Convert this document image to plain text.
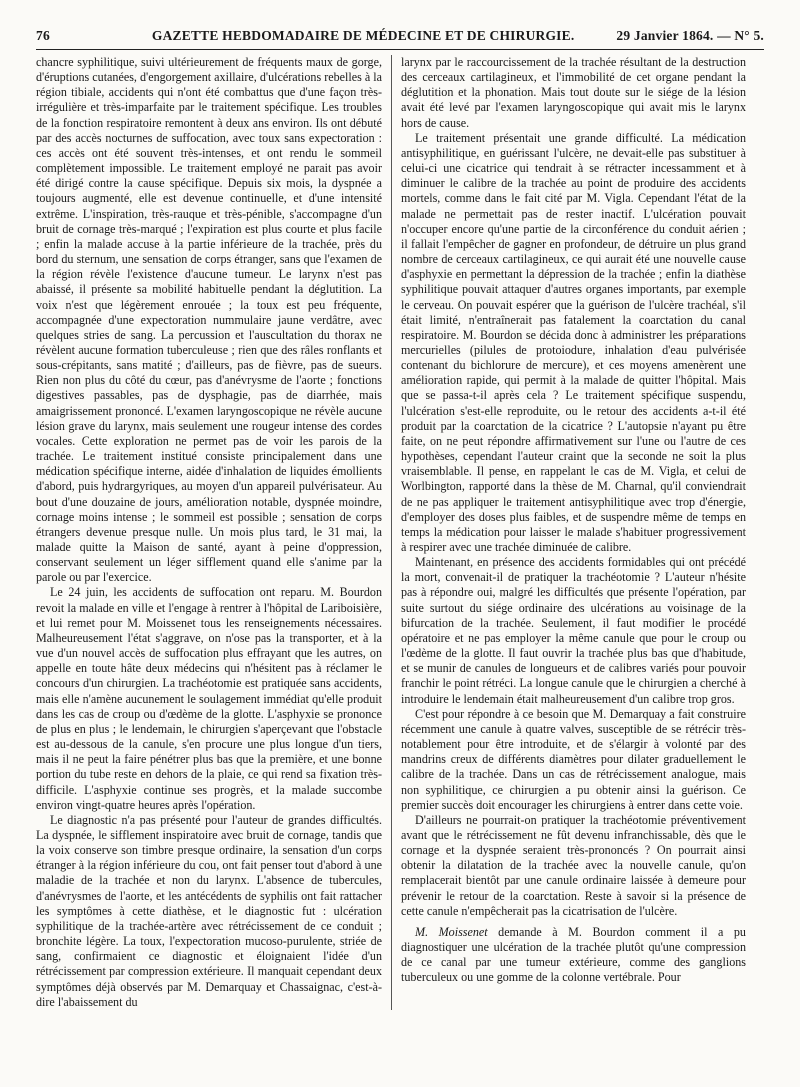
76	GAZETTE HEBDOMADAIRE DE MÉDECINE ET DE CHIRURGIE.	29 Janvier 1864. — N° 5.

chancre syphilitique, suivi ultérieurement de fréquents maux de gorge, d'éruptions cutanées, d'engorgement axillaire, d'ulcérations rebelles à la région tibiale, accidents qui n'ont été combattus que d'une façon très-irrégulière et très-imparfaite par le traitement spécifique. Les troubles de la fonction respiratoire remontent à deux ans environ. Ils ont débuté par des accès nocturnes de suffocation, avec toux sans expectoration : ces accès ont été souvent très-intenses, et ont rendu le sommeil complètement impossible. Le traitement employé ne parait pas avoir été dirigé contre la cause spécifique. Depuis six mois, la dyspnée a toujours augmenté, elle est devenue continuelle, et d'une intensité extrême. L'inspiration, très-rauque et très-pénible, s'accompagne d'un bruit de cornage très-marqué ; l'expiration est plus courte et plus facile ; enfin la malade accuse à la partie inférieure de la trachée, près du bord du sternum, une sensation de corps étranger, sans que l'examen de la région révèle l'existence d'aucune tumeur. Le larynx n'est pas abaissé, il présente sa mobilité habituelle pendant la déglutition. La voix n'est que légèrement enrouée ; la toux est peu fréquente, accompagnée d'une expectoration nummulaire jaune verdâtre, avec quelques stries de sang. La percussion et l'auscultation du thorax ne révèlent aucune formation tuberculeuse ; rien que des râles ronflants et sous-crépitants, sans matité ; d'ailleurs, pas de fièvre, pas de sueurs. Rien non plus du côté du cœur, pas d'anévrysme de l'aorte ; fonctions digestives passables, pas de dysphagie, pas de diarrhée, mais amaigrissement prononcé. L'examen laryngoscopique ne révèle aucune lésion grave du larynx, mais seulement une rougeur intense des cordes vocales. Cette exploration ne permet pas de voir les parois de la trachée. Le traitement institué consiste principalement dans une médication spécifique interne, aidée d'inhalation de liquides émollients d'abord, puis hydrargyriques, au moyen d'un appareil pulvérisateur. Au bout d'une douzaine de jours, amélioration notable, dyspnée moindre, cornage moins intense ; le sommeil est possible ; sensation de corps étrangers devenue presque nulle. Un mois plus tard, le 31 mai, la malade quitte la Maison de santé, ayant à peine d'oppression, conservant seulement un léger sifflement quand elle s'anime par la parole ou par l'exercice.

Le 24 juin, les accidents de suffocation ont reparu. M. Bourdon revoit la malade en ville et l'engage à rentrer à l'hôpital de Lariboisière, et lui remet pour M. Moissenet tous les renseignements nécessaires. Malheureusement l'état s'aggrave, on n'ose pas la transporter, et à la vue d'un nouvel accès de suffocation plus effrayant que les autres, on appelle en toute hâte deux médecins qui n'hésitent pas à réclamer le concours d'un chirurgien. La trachéotomie est pratiquée sans accidents, mais elle n'amène aucunement le soulagement immédiat qu'elle produit dans les cas de croup ou d'œdème de la glotte. L'asphyxie se prononce de plus en plus ; le lendemain, le chirurgien s'aperçevant que l'obstacle est au-dessous de la canule, s'en procure une plus longue d'un tiers, mais il ne peut la faire pénétrer plus bas que la première, et une bonne portion du tube reste en dehors de la plaie, ce qui rend sa fixation très-difficile. L'asphyxie continue ses progrès, et la malade succombe environ vingt-quatre heures après l'opération.

Le diagnostic n'a pas présenté pour l'auteur de grandes difficultés. La dyspnée, le sifflement inspiratoire avec bruit de cornage, tandis que la voix conserve son timbre presque ordinaire, la sensation d'un corps étranger à la région inférieure du cou, ont fait penser tout d'abord à une maladie de la trachée et non du larynx. L'absence de tubercules, d'anévrysmes de l'aorte, et les antécédents de syphilis ont fait rattacher les symptômes à cette diathèse, et le diagnostic fut : ulcération syphilitique de la trachée-artère avec rétrécissement de ce conduit ; bronchite légère. La toux, l'expectoration mucoso-purulente, striée de sang, confirmaient ce diagnostic et éloignaient l'idée d'un rétrécissement par compression extérieure. Il manquait cependant deux symptômes déjà observés par M. Demarquay et Chassaignac, c'est-à-dire l'abaissement du

larynx par le raccourcissement de la trachée résultant de la destruction des cerceaux cartilagineux, et l'immobilité de cet organe pendant la déglutition et la phonation. Mais tout doute sur le siége de la lésion avait été levé par l'examen laryngoscopique qui avait mis le larynx hors de cause.

Le traitement présentait une grande difficulté. La médication antisyphilitique, en guérissant l'ulcère, ne devait-elle pas substituer à celui-ci une cicatrice qui tendrait à se rétracter incessamment et à diminuer le calibre de la trachée au point de produire des accidents mortels, comme dans le fait cité par M. Vigla. Cependant l'état de la malade ne permettait pas de rester inactif. L'ulcération pouvait n'occuper encore qu'une partie de la circonférence du conduit aérien ; il fallait l'empêcher de gagner en profondeur, de détruire un plus grand nombre de cerceaux cartilagineux, ce qui aurait été une nouvelle cause d'asphyxie en permettant la dépression de la trachée ; enfin la diathèse syphilitique pouvait attaquer d'autres organes importants, par exemple le cerveau. On pouvait espérer que la guérison de l'ulcère trachéal, s'il était limité, n'entraînerait pas fatalement la coarctation du canal respiratoire. M. Bourdon se décida donc à administrer les préparations mercurielles (pilules de protoiodure, inhalation d'eau pulvérisée contenant du bichlorure de mercure), et ces moyens amenèrent une amélioration rapide, qui permit à la malade de quitter l'hôpital. Mais que se passa-t-il après cela ? Le traitement spécifique suspendu, l'ulcération s'est-elle reproduite, ou le retour des accidents a-t-il été produit par la coarctation de la cicatrice ? L'autopsie n'ayant pu être faite, on ne peut répondre affirmativement sur l'une ou l'autre de ces hypothèses, cependant l'auteur craint que la seconde ne soit la plus vraisemblable. Il pense, en rappelant le cas de M. Vigla, et celui de Worlbington, rapporté dans la thèse de M. Charnal, qu'il conviendrait de ne pas appliquer le traitement antisyphilitique avec trop d'énergie, d'employer des doses plus faibles, et de suspendre même de temps en temps la médication pour laisser le malade s'habituer progressivement à respirer avec une trachée diminuée de calibre.

Maintenant, en présence des accidents formidables qui ont précédé la mort, convenait-il de pratiquer la trachéotomie ? L'auteur n'hésite pas à répondre oui, malgré les difficultés que présente l'opération, par suite surtout du siége ordinaire des ulcérations au voisinage de la bifurcation de la trachée. Seulement, il faut modifier le procédé opératoire et ne pas employer la même canule que pour le croup ou l'œdème de la glotte. Il faut ouvrir la trachée plus bas que d'habitude, et se munir de canules de longueurs et de calibres variés pour pouvoir franchir le point rétréci. La longue canule que le chirurgien a cherché à introduire le lendemain était malheureusement d'un calibre trop gros.

C'est pour répondre à ce besoin que M. Demarquay a fait construire récemment une canule à quatre valves, susceptible de se rétrécir très-notablement pour être introduite, et de s'élargir à volonté par des mandrins creux de différents diamètres pour dilater graduellement le calibre de la trachée. Dans un cas de rétrécissement analogue, mais non syphilitique, ce chirurgien a pu obtenir ainsi la guérison. Ce premier succès doit encourager les chirurgiens à entrer dans cette voie.

D'ailleurs ne pourrait-on pratiquer la trachéotomie préventivement avant que le rétrécissement ne fût devenu infranchissable, dès que le cornage et la dyspnée seraient très-prononcés ? On pourrait ainsi obtenir la dilatation de la trachée avec la nouvelle canule, qu'on remplacerait bientôt par une canule ordinaire laissée à demeure pour prévenir le retour de la coarctation. Reste à savoir si la présence de cette canule n'empêcherait pas la cicatrisation de l'ulcère.

M. Moissenet demande à M. Bourdon comment il a pu diagnostiquer une ulcération de la trachée plutôt qu'une compression de ce canal par une tumeur extérieure, comme des ganglions tuberculeux ou une gomme de la colonne vertébrale. Pour
